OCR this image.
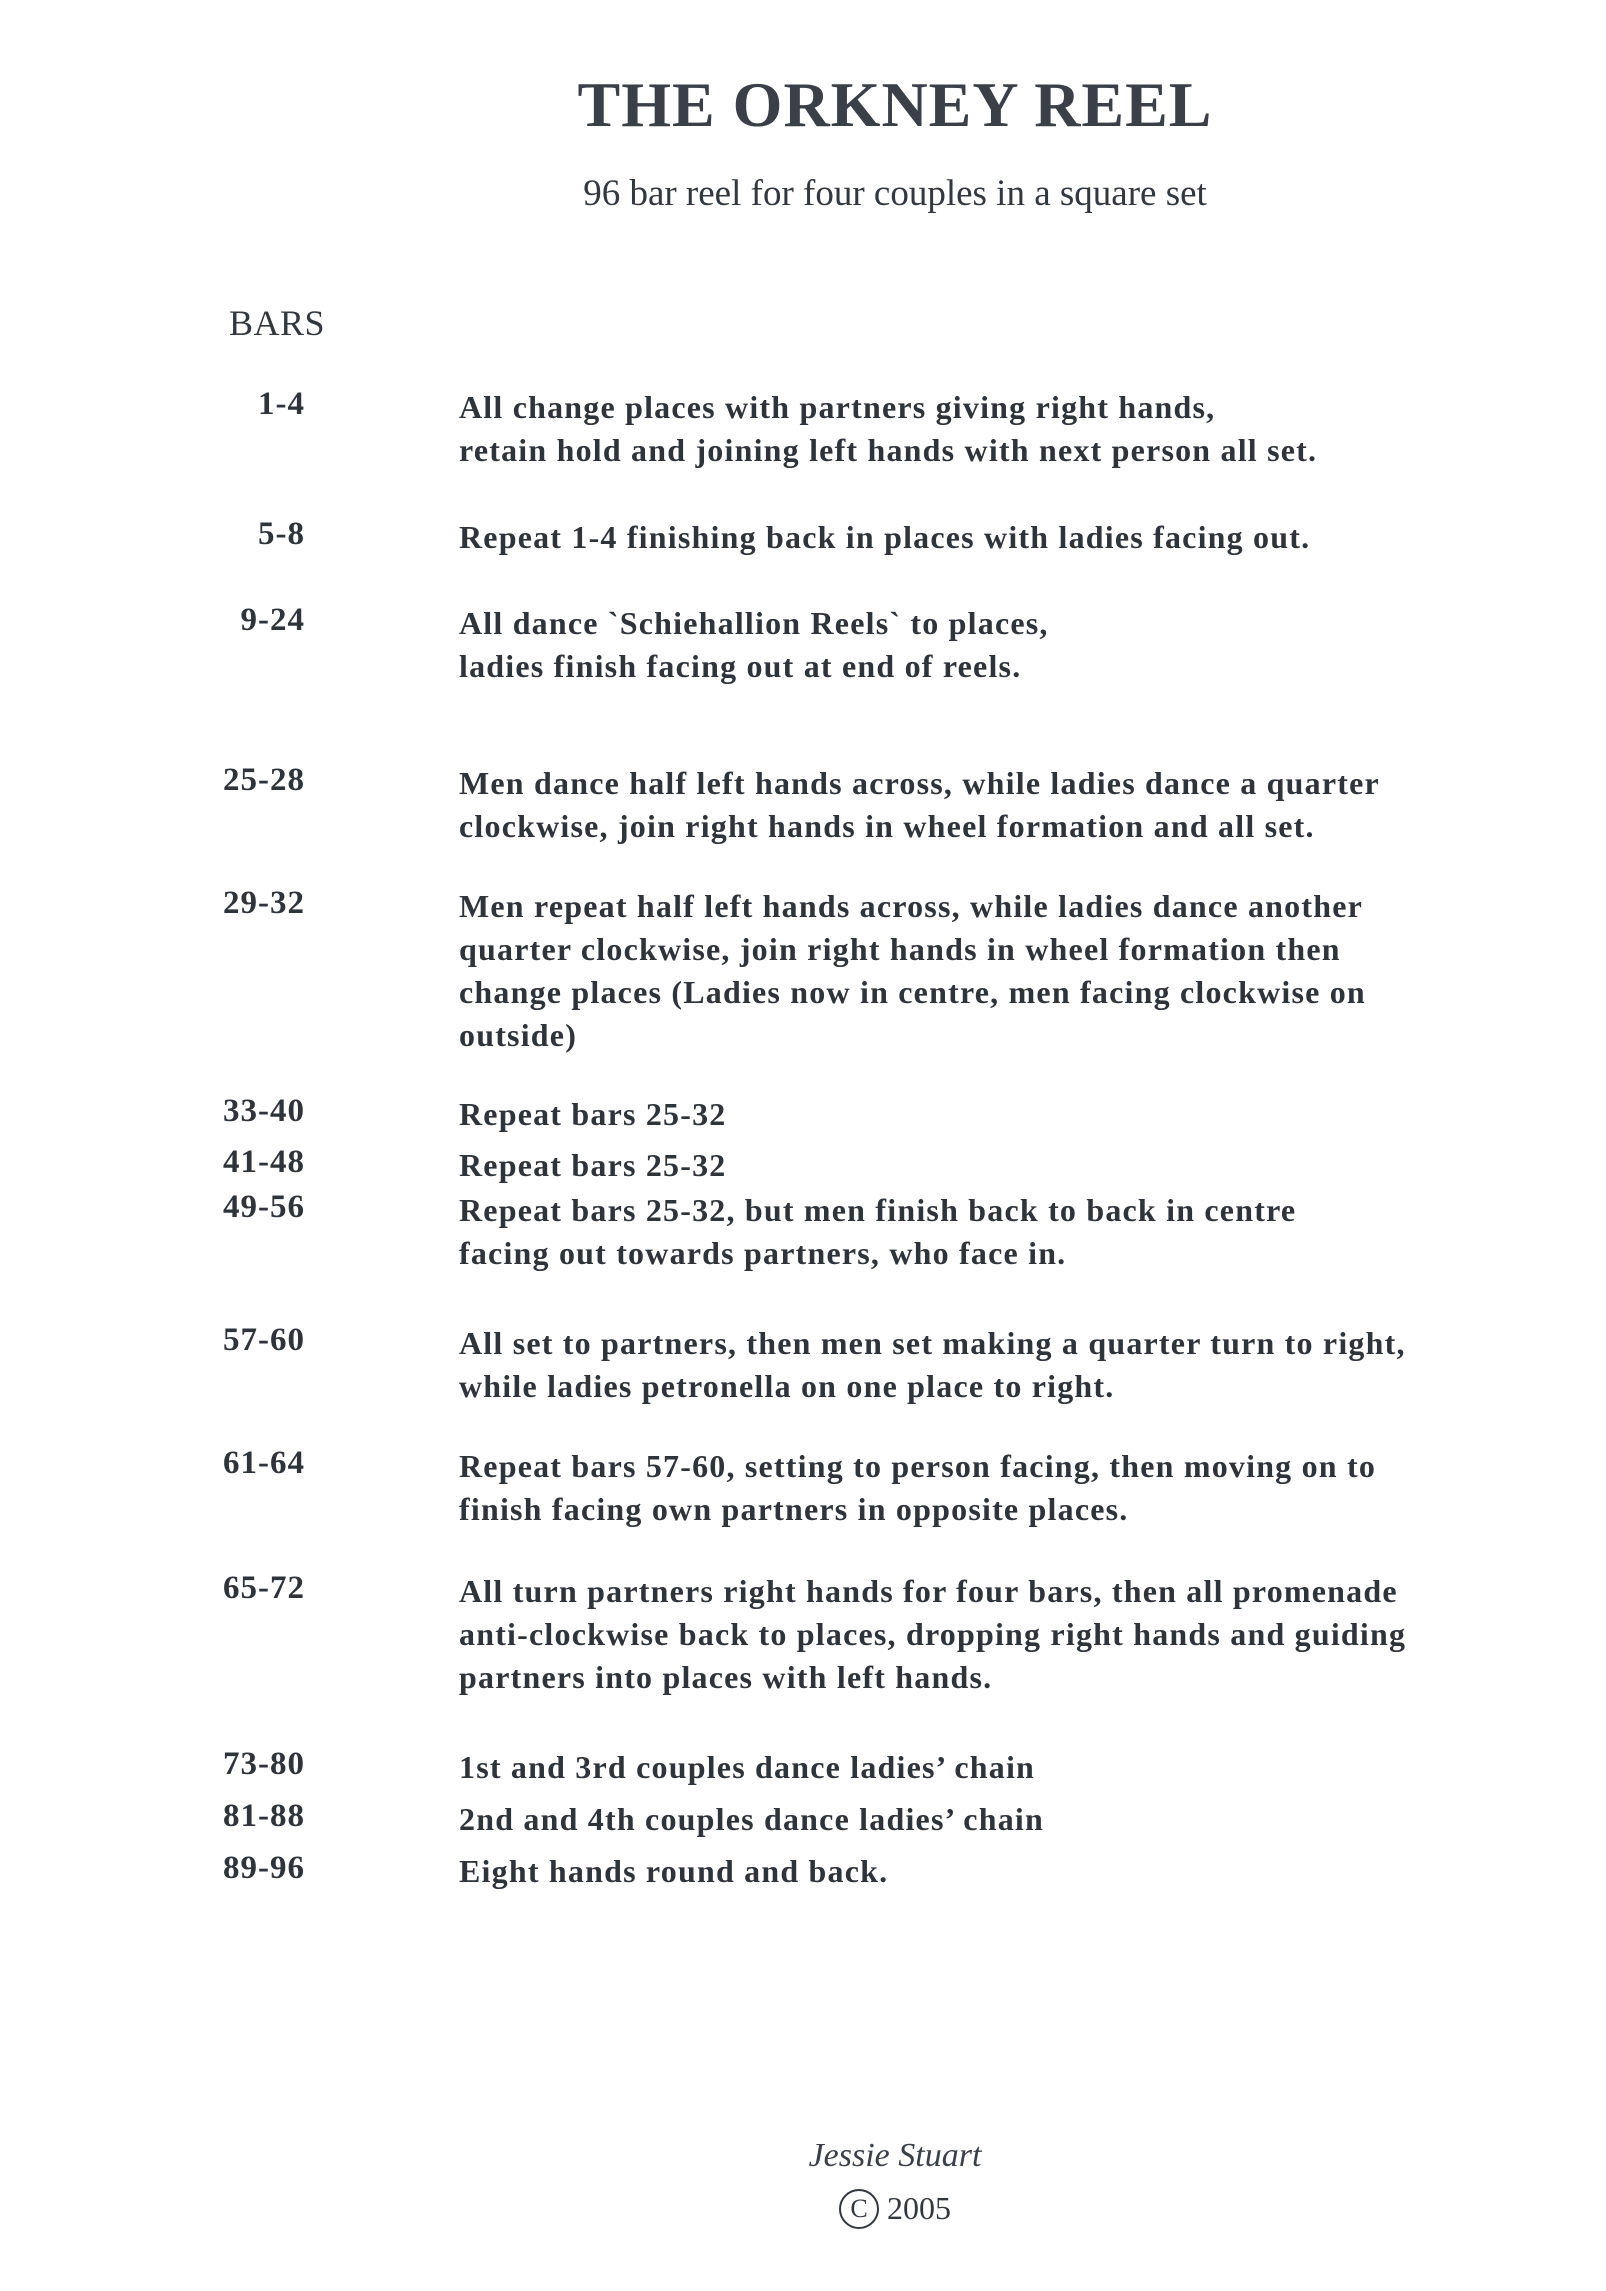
THE ORKNEY REEL
96 bar reel for four couples in a square set
BARS
1-4	All change places with partners giving right hands,
retain hold and joining left hands with next person all set.
5-8	Repeat 1-4 finishing back in places with ladies facing out.
9-24	All dance `Schiehallion Reels` to places,
ladies finish facing out at end of reels.
25-28	Men dance half left hands across, while ladies dance a quarter
clockwise, join right hands in wheel formation and all set.
29-32	Men repeat half left hands across, while ladies dance another
quarter clockwise, join right hands in wheel formation then
change places (Ladies now in centre, men facing clockwise on
outside)
33-40	Repeat bars 25-32
41-48	Repeat bars 25-32
49-56	Repeat bars 25-32, but men finish back to back in centre
facing out towards partners, who face in.
57-60	All set to partners, then men set making a quarter turn to right,
while ladies petronella on one place to right.
61-64	Repeat bars 57-60, setting to person facing, then moving on to
finish facing own partners in opposite places.
65-72	All turn partners right hands for four bars, then all promenade
anti-clockwise back to places, dropping right hands and guiding
partners into places with left hands.
73-80	1st and 3rd couples dance ladies’ chain
81-88	2nd and 4th couples dance ladies’ chain
89-96	Eight hands round and back.
Jessie Stuart
C 2005
